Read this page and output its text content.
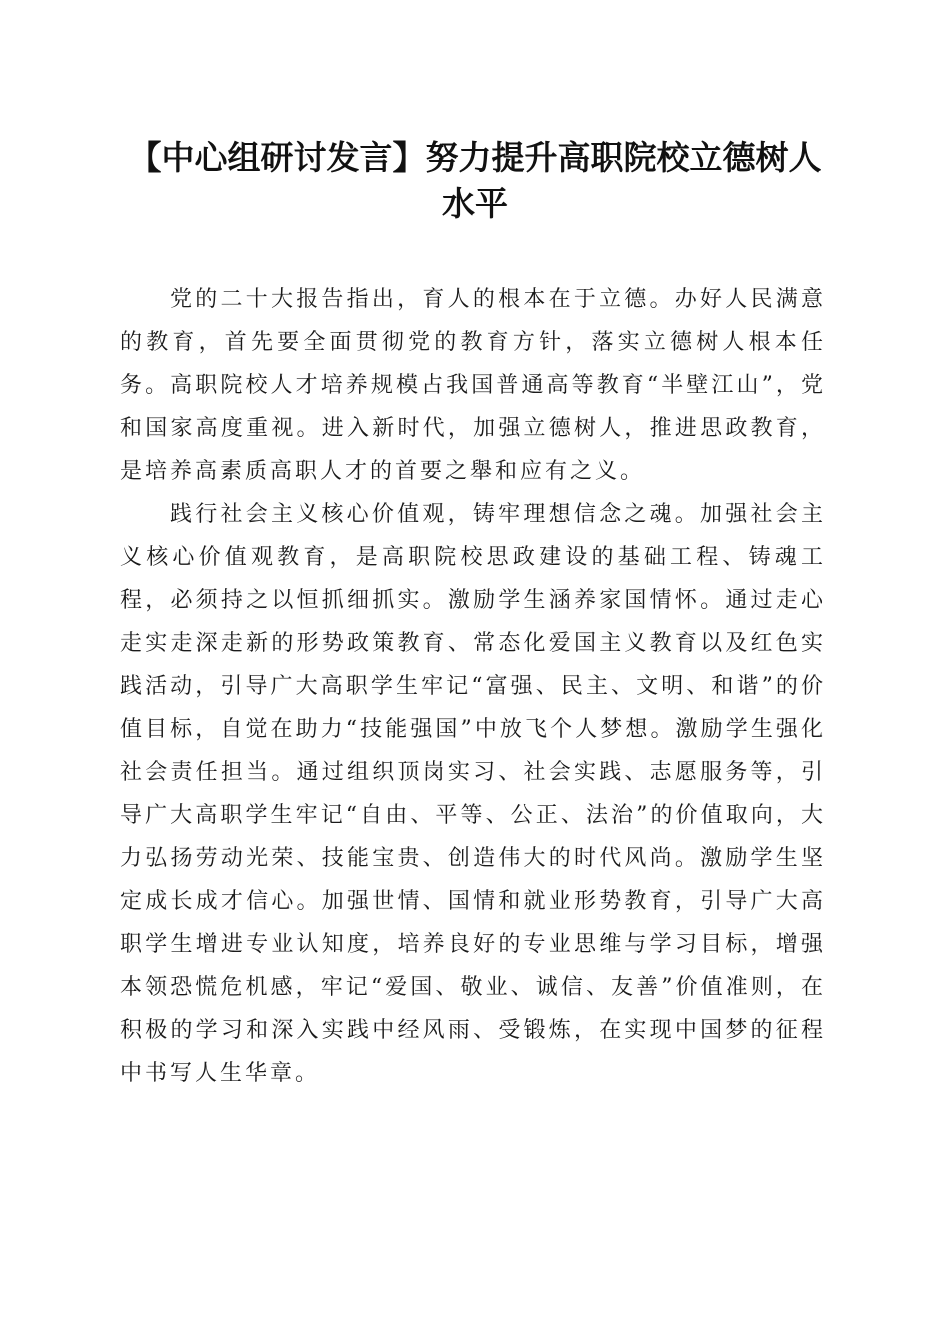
【中心组研讨发言】努力提升高职院校立德树人水平

党的二十大报告指出，育人的根本在于立德。办好人民满意的教育，首先要全面贯彻党的教育方针，落实立德树人根本任务。高职院校人才培养规模占我国普通高等教育“半壁江山”，党和国家高度重视。进入新时代，加强立德树人，推进思政教育，是培养高素质高职人才的首要之舉和应有之义。

践行社会主义核心价值观，铸牢理想信念之魂。加强社会主义核心价值观教育，是高职院校思政建设的基础工程、铸魂工程，必须持之以恒抓细抓实。激励学生涵养家国情怀。通过走心走实走深走新的形势政策教育、常态化爱国主义教育以及红色实践活动，引导广大高职学生牢记“富强、民主、文明、和谐”的价值目标，自觉在助力“技能强国”中放飞个人梦想。激励学生强化社会责任担当。通过组织顶岗实习、社会实践、志愿服务等，引导广大高职学生牢记“自由、平等、公正、法治”的价值取向，大力弘扬劳动光荣、技能宝贵、创造伟大的时代风尚。激励学生坚定成长成才信心。加强世情、国情和就业形势教育，引导广大高职学生增进专业认知度，培养良好的专业思维与学习目标，增强本领恐慌危机感，牢记“爱国、敬业、诚信、友善”价值准则，在积极的学习和深入实践中经风雨、受锻炼，在实现中国梦的征程中书写人生华章。
